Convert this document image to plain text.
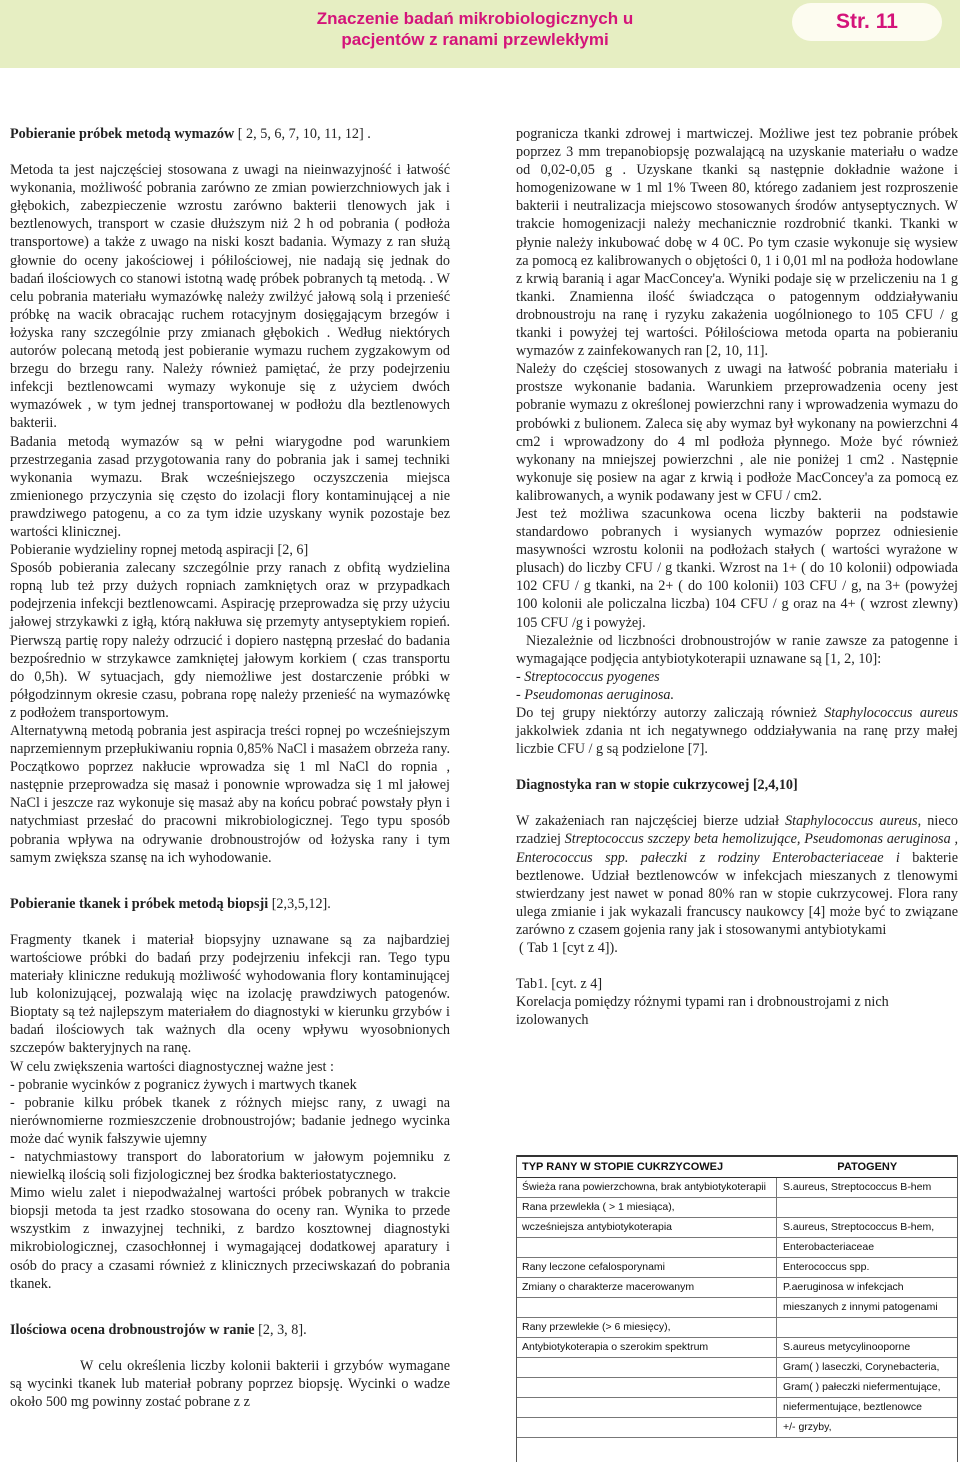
Znaczenie badań mikrobiologicznych u pacjentów z ranami przewlekłymi
Str. 11

Pobieranie próbek metodą wymazów [ 2, 5, 6, 7, 10, 11, 12] .

Metoda ta jest najczęściej stosowana z uwagi na nieinwazyjność i łatwość wykonania, możliwość pobrania zarówno ze zmian powierzchniowych jak i głębokich, zabezpieczenie wzrostu zarówno bakterii tlenowych jak i beztlenowych, transport w czasie dłuższym niż 2 h od pobrania ( podłoża transportowe) a także z uwago na niski koszt badania. Wymazy z ran służą głownie do oceny jakościowej i półilościowej, nie nadają się jednak do badań ilościowych co stanowi istotną wadę próbek pobranych tą metodą. . W celu pobrania materiału wymazówkę należy zwilżyć jałową solą i przenieść próbkę na wacik obracając ruchem rotacyjnym dosięgającym brzegów i łożyska rany szczególnie przy zmianach głębokich . Według niektórych autorów polecaną metodą jest pobieranie wymazu ruchem zygzakowym od brzegu do brzegu rany. Należy również pamiętać, że przy podejrzeniu infekcji beztlenowcami wymazy wykonuje się z użyciem dwóch wymazówek , w tym jednej transportowanej w podłożu dla beztlenowych bakterii.

Badania metodą wymazów są w pełni wiarygodne pod warunkiem przestrzegania zasad przygotowania rany do pobrania jak i samej techniki wykonania wymazu. Brak wcześniejszego oczyszczenia miejsca zmienionego przyczynia się często do izolacji flory kontaminującej a nie prawdziwego patogenu, a co za tym idzie uzyskany wynik pozostaje bez wartości klinicznej.

Pobieranie wydzieliny ropnej metodą aspiracji [2, 6]

Sposób pobierania zalecany szczególnie przy ranach z obfitą wydzielina ropną lub też przy dużych ropniach zamkniętych oraz w przypadkach podejrzenia infekcji beztlenowcami. Aspirację przeprowadza się przy użyciu jałowej strzykawki z igłą, którą nakłuwa się przemyty antyseptykiem ropień. Pierwszą partię ropy należy odrzucić i dopiero następną przesłać do badania bezpośrednio w strzykawce zamkniętej jałowym korkiem ( czas transportu do 0,5h). W sytuacjach, gdy niemożliwe jest dostarczenie próbki w półgodzinnym okresie czasu, pobrana ropę należy przenieść na wymazówkę z podłożem transportowym.

Alternatywną metodą pobrania jest aspiracja treści ropnej po wcześniejszym naprzemiennym przepłukiwaniu ropnia 0,85% NaCl i masażem obrzeża rany. Początkowo poprzez nakłucie wprowadza się 1 ml NaCl do ropnia , następnie przeprowadza się masaż i ponownie wprowadza się 1 ml jałowej NaCl i jeszcze raz wykonuje się masaż aby na końcu pobrać powstały płyn i natychmiast przesłać do pracowni mikrobiologicznej. Tego typu sposób pobrania wpływa na odrywanie drobnoustrojów od łożyska rany i tym samym zwiększa szansę na ich wyhodowanie.

Pobieranie tkanek i próbek metodą biopsji [2,3,5,12].

Fragmenty tkanek i materiał biopsyjny uznawane są za najbardziej wartościowe próbki do badań przy podejrzeniu infekcji ran. Tego typu materiały kliniczne redukują możliwość wyhodowania flory kontaminującej lub kolonizującej, pozwalają więc na izolację prawdziwych patogenów. Bioptaty są też najlepszym materiałem do diagnostyki w kierunku grzybów i badań ilościowych tak ważnych dla oceny wpływu wyosobnionych szczepów bakteryjnych na ranę.

W celu zwiększenia wartości diagnostycznej ważne jest :

- pobranie wycinków z pogranicz żywych i martwych tkanek

- pobranie kilku próbek tkanek z różnych miejsc rany, z uwagi na nierównomierne rozmieszczenie drobnoustrojów; badanie jednego wycinka może dać wynik fałszywie ujemny

- natychmiastowy transport do laboratorium w jałowym pojemniku z niewielką ilością soli fizjologicznej bez środka bakteriostatycznego.

Mimo wielu zalet i niepodważalnej wartości próbek pobranych w trakcie biopsji metoda ta jest rzadko stosowana do oceny ran. Wynika to przede wszystkim z inwazyjnej techniki, z bardzo kosztownej diagnostyki mikrobiologicznej, czasochłonnej i wymagającej dodatkowej aparatury i osób do pracy a czasami również z klinicznych przeciwskazań do pobrania tkanek.

Ilościowa ocena drobnoustrojów w ranie [2, 3, 8].

W celu określenia liczby kolonii bakterii i grzybów wymagane są wycinki tkanek lub materiał pobrany poprzez biopsję. Wycinki o wadze około 500 mg powinny zostać pobrane z z

pogranicza tkanki zdrowej i martwiczej. Możliwe jest tez pobranie próbek poprzez 3 mm trepanobiopsję pozwalającą na uzyskanie materiału o wadze od 0,02-0,05 g . Uzyskane tkanki są następnie dokładnie ważone i homogenizowane w 1 ml 1% Tween 80, którego zadaniem jest rozproszenie bakterii i neutralizacja miejscowo stosowanych środów antyseptycznych. W trakcie homogenizacji należy mechanicznie rozdrobnić tkanki. Tkanki w płynie należy inkubować dobę w 4 0C. Po tym czasie wykonuje się wysiew za pomocą ez kalibrowanych o objętości 0, 1 i 0,01 ml na podłoża hodowlane z krwią baranią i agar MacConcey'a. Wyniki podaje się w przeliczeniu na 1 g tkanki. Znamienna ilość świadcząca o patogennym oddziaływaniu drobnoustroju na ranę i ryzyku zakażenia uogólnionego to 105 CFU / g tkanki i powyżej tej wartości. Półilościowa metoda oparta na pobieraniu wymazów z zainfekowanych ran [2, 10, 11].

Należy do częściej stosowanych z uwagi na łatwość pobrania materiału i prostsze wykonanie badania. Warunkiem przeprowadzenia oceny jest pobranie wymazu z określonej powierzchni rany i wprowadzenia wymazu do probówki z bulionem. Zaleca się aby wymaz był wykonany na powierzchni 4 cm2 i wprowadzony do 4 ml podłoża płynnego. Może być również wykonany na mniejszej powierzchni , ale nie poniżej 1 cm2 . Następnie wykonuje się posiew na agar z krwią i podłoże MacConcey'a za pomocą ez kalibrowanych, a wynik podawany jest w CFU / cm2.

Jest też możliwa szacunkowa ocena liczby bakterii na podstawie standardowo pobranych i wysianych wymazów poprzez odniesienie masywności wzrostu kolonii na podłożach stałych ( wartości wyrażone w plusach) do liczby CFU / g tkanki. Wzrost na 1+ ( do 10 kolonii) odpowiada 102 CFU / g tkanki, na 2+ ( do 100 kolonii) 103 CFU / g, na 3+ (powyżej 100 kolonii ale policzalna liczba) 104 CFU / g oraz na 4+ ( wzrost zlewny) 105 CFU /g i powyżej.

Niezależnie od liczbności drobnoustrojów w ranie zawsze za patogenne i wymagające podjęcia antybiotykoterapii uznawane są [1, 2, 10]:

- Streptococcus pyogenes

- Pseudomonas aeruginosa.

Do tej grupy niektórzy autorzy zaliczają również Staphylococcus aureus jakkolwiek zdania nt ich negatywnego oddziaływania na ranę przy małej liczbie CFU / g są podzielone [7].

Diagnostyka ran w stopie cukrzycowej [2,4,10]

W zakażeniach ran najczęściej bierze udział Staphylococcus aureus, nieco rzadziej Streptococcus szczepy beta hemolizujące, Pseudomonas aeruginosa , Enterococcus spp. pałeczki z rodziny Enterobacteriaceae i bakterie beztlenowe. Udział beztlenowców w infekcjach mieszanych z tlenowymi stwierdzany jest nawet w ponad 80% ran w stopie cukrzycowej. Flora rany ulega zmianie i jak wykazali francuscy naukowcy [4] może być to związane zarówno z czasem gojenia rany jak i stosowanymi antybiotykami

( Tab 1 [cyt z 4]).

Tab1. [cyt. z 4]

Korelacja pomiędzy różnymi typami ran i drobnoustrojami z nich izolowanych

TYP RANY W STOPIE CUKRZYCOWEJ	PATOGENY
Świeża rana powierzchowna, brak antybiotykoterapii	S.aureus, Streptococcus B-hem
Rana przewlekła ( > 1 miesiąca),	
wcześniejsza antybiotykoterapia	S.aureus, Streptococcus B-hem,
	Enterobacteriaceae
Rany leczone cefalosporynami	Enterococcus spp.
Zmiany o charakterze macerowanym	P.aeruginosa w infekcjach
	mieszanych z innymi patogenami
Rany przewlekłe (> 6 miesięcy),	
Antybiotykoterapia o szerokim spektrum	S.aureus metycylinooporne
	Gram( ) laseczki, Corynebacteria,
	Gram( ) pałeczki niefermentujące,
	niefermentujące, beztlenowce
	+/- grzyby,
